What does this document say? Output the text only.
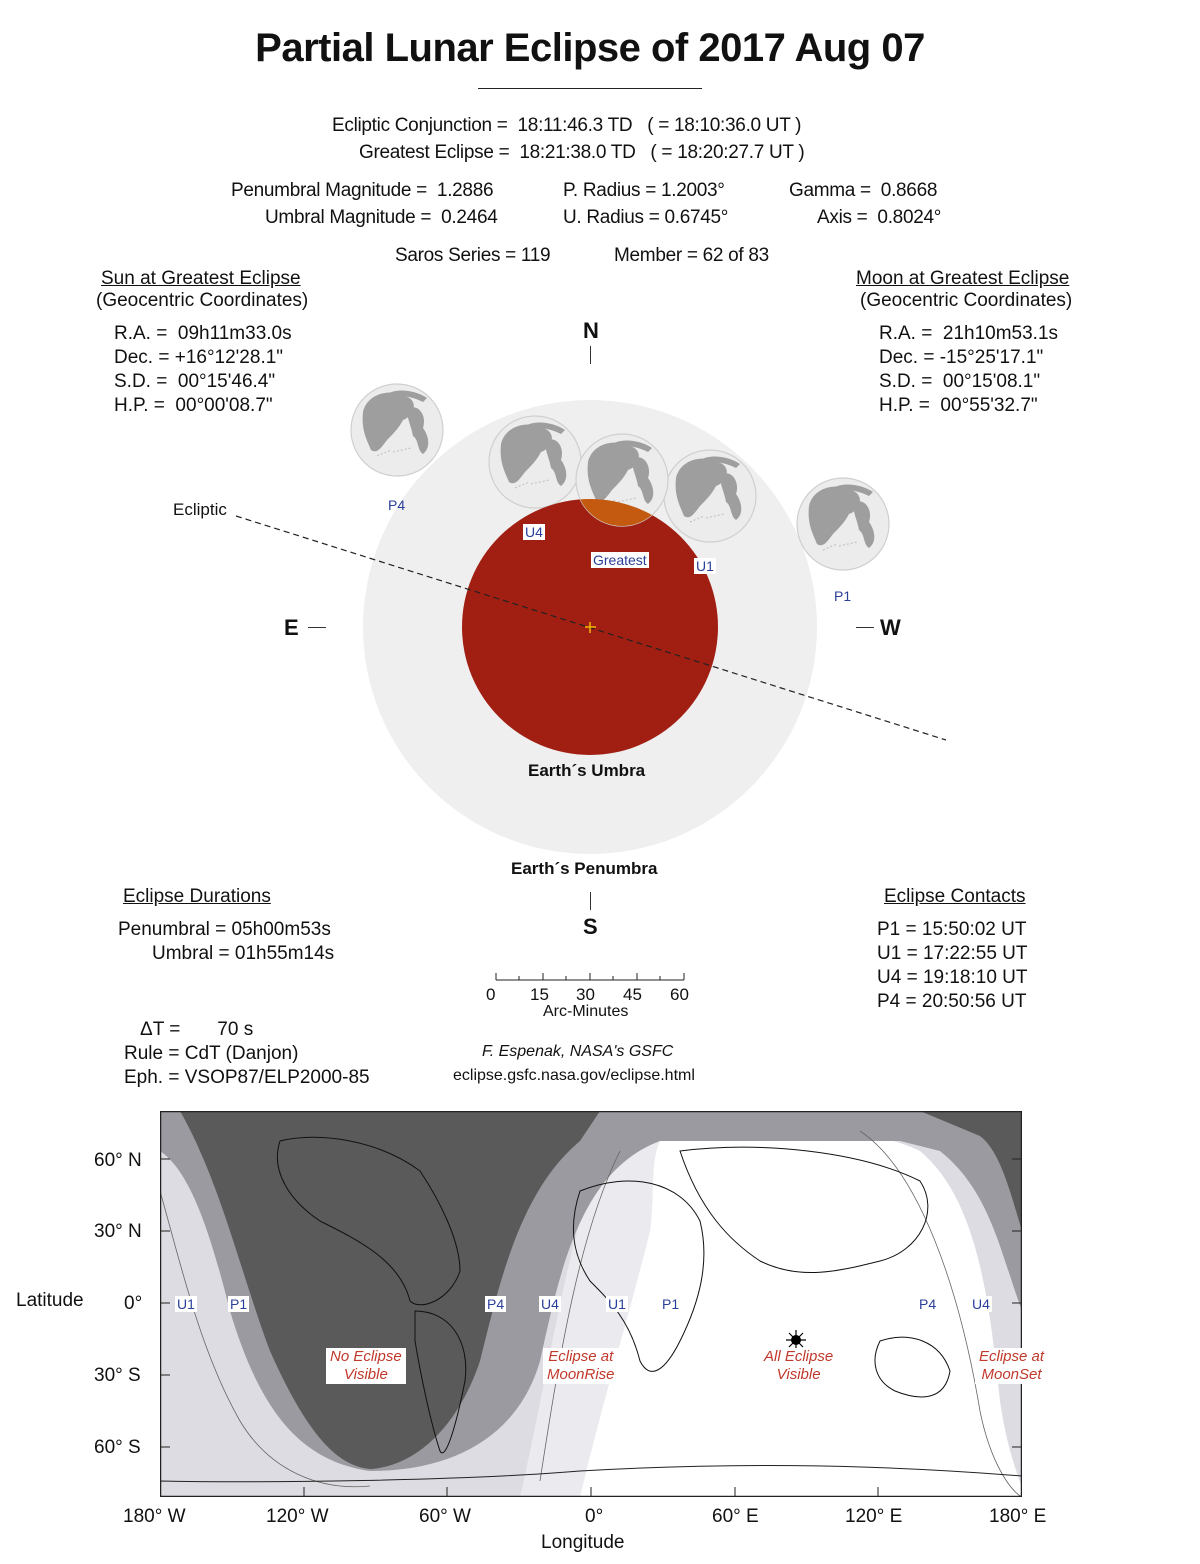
Partial Lunar Eclipse of 2017 Aug 07
Ecliptic Conjunction =  18:11:46.3 TD   ( = 18:10:36.0 UT )
Greatest Eclipse =  18:21:38.0 TD   ( = 18:20:27.7 UT )
Penumbral Magnitude =  1.2886
Umbral Magnitude =  0.2464
P. Radius = 1.2003°
U. Radius = 0.6745°
Gamma =  0.8668
Axis =  0.8024°
Saros Series = 119	Member = 62 of 83
Sun at Greatest Eclipse
(Geocentric Coordinates)
R.A. =  09h11m33.0s
Dec. = +16°12'28.1"
S.D. =  00°15'46.4"
H.P. =  00°00'08.7"
Moon at Greatest Eclipse
(Geocentric Coordinates)
R.A. =  21h10m53.1s
Dec. = -15°25'17.1"
S.D. =  00°15'08.1"
H.P. =  00°55'32.7"
N
E	W
S
Ecliptic
Earth´s Umbra
Earth´s Penumbra
P4
U4
Greatest	U1
P1
Eclipse Durations
Penumbral = 05h00m53s
Umbral = 01h55m14s
ΔT =       70 s
Rule = CdT (Danjon)
Eph. = VSOP87/ELP2000-85
0 15 30 45 60
Arc-Minutes
F. Espenak, NASA's GSFC
eclipse.gsfc.nasa.gov/eclipse.html
Eclipse Contacts
P1 = 15:50:02 UT
U1 = 17:22:55 UT
U4 = 19:18:10 UT
P4 = 20:50:56 UT
U1	P1	P4	U4	U1	P1	P4	U4
No Eclipse
Visible
Eclipse at
MoonRise
All Eclipse
Visible
Eclipse at
MoonSet
Latitude
60° N
30° N
0°
30° S
60° S
180° W	120° W	60° W	0°	60° E	120° E	180° E
Longitude
